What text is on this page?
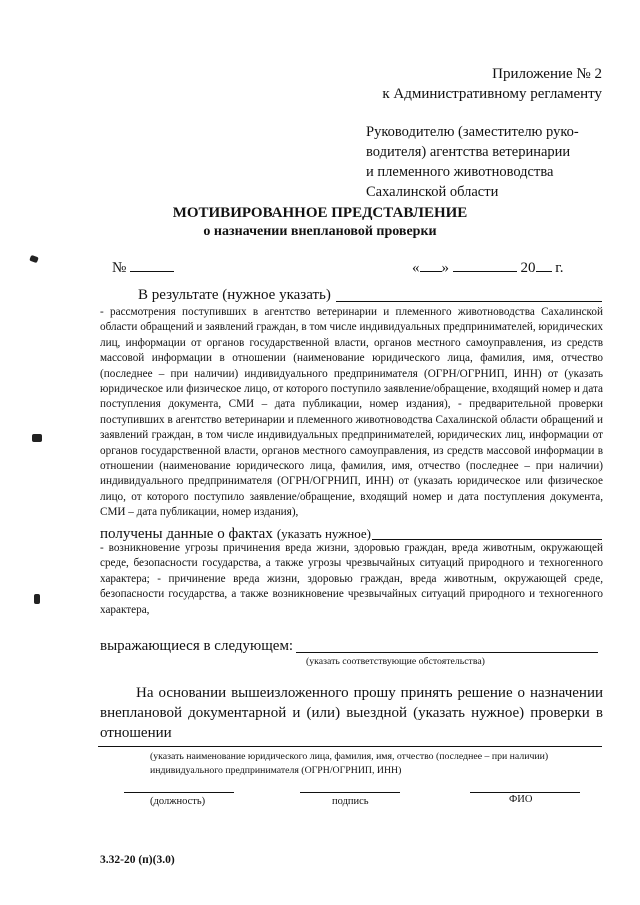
Приложение № 2
к Административному регламенту
Руководителю (заместителю руко-
водителя) агентства ветеринарии
и племенного животноводства
Сахалинской области
МОТИВИРОВАННОЕ ПРЕДСТАВЛЕНИЕ
о назначении внеплановой проверки
№	« »	20 г.
В результате (нужное указать)
- рассмотрения поступивших в агентство ветеринарии и племенного животноводства Сахалинской области обращений и заявлений граждан, в том числе индивидуальных предпринимателей, юридических лиц, информации от органов государственной власти, органов местного самоуправления, из средств массовой информации в отношении (наименование юридического лица, фамилия, имя, отчество (последнее – при наличии) индивидуального предпринимателя (ОГРН/ОГРНИП, ИНН) от (указать юридическое или физическое лицо, от которого поступило заявление/обращение, входящий номер и дата поступления документа, СМИ – дата публикации, номер издания), - предварительной проверки поступивших в агентство ветеринарии и племенного животноводства Сахалинской области обращений и заявлений граждан, в том числе индивидуальных предпринимателей, юридических лиц, информации от органов государственной власти, органов местного самоуправления, из средств массовой информации в отношении (наименование юридического лица, фамилия, имя, отчество (последнее – при наличии) индивидуального предпринимателя (ОГРН/ОГРНИП, ИНН) от (указать юридическое или физическое лицо, от которого поступило заявление/обращение, входящий номер и дата поступления документа, СМИ – дата публикации, номер издания),
получены данные о фактах (указать нужное)
- возникновение угрозы причинения вреда жизни, здоровью граждан, вреда животным, окружающей среде, безопасности государства, а также угрозы чрезвычайных ситуаций природного и техногенного характера; - причинение вреда жизни, здоровью граждан, вреда животным, окружающей среде, безопасности государства, а также возникновение чрезвычайных ситуаций природного и техногенного характера,
выражающиеся в следующем:
(указать соответствующие обстоятельства)
На основании вышеизложенного прошу принять решение о назначении внеплановой документарной и (или) выездной (указать нужное) проверки в отношении
(указать наименование юридического лица, фамилия, имя, отчество (последнее – при наличии) индивидуального предпринимателя (ОГРН/ОГРНИП, ИНН)
(должность)	подпись	ФИО
3.32-20 (п)(3.0)
